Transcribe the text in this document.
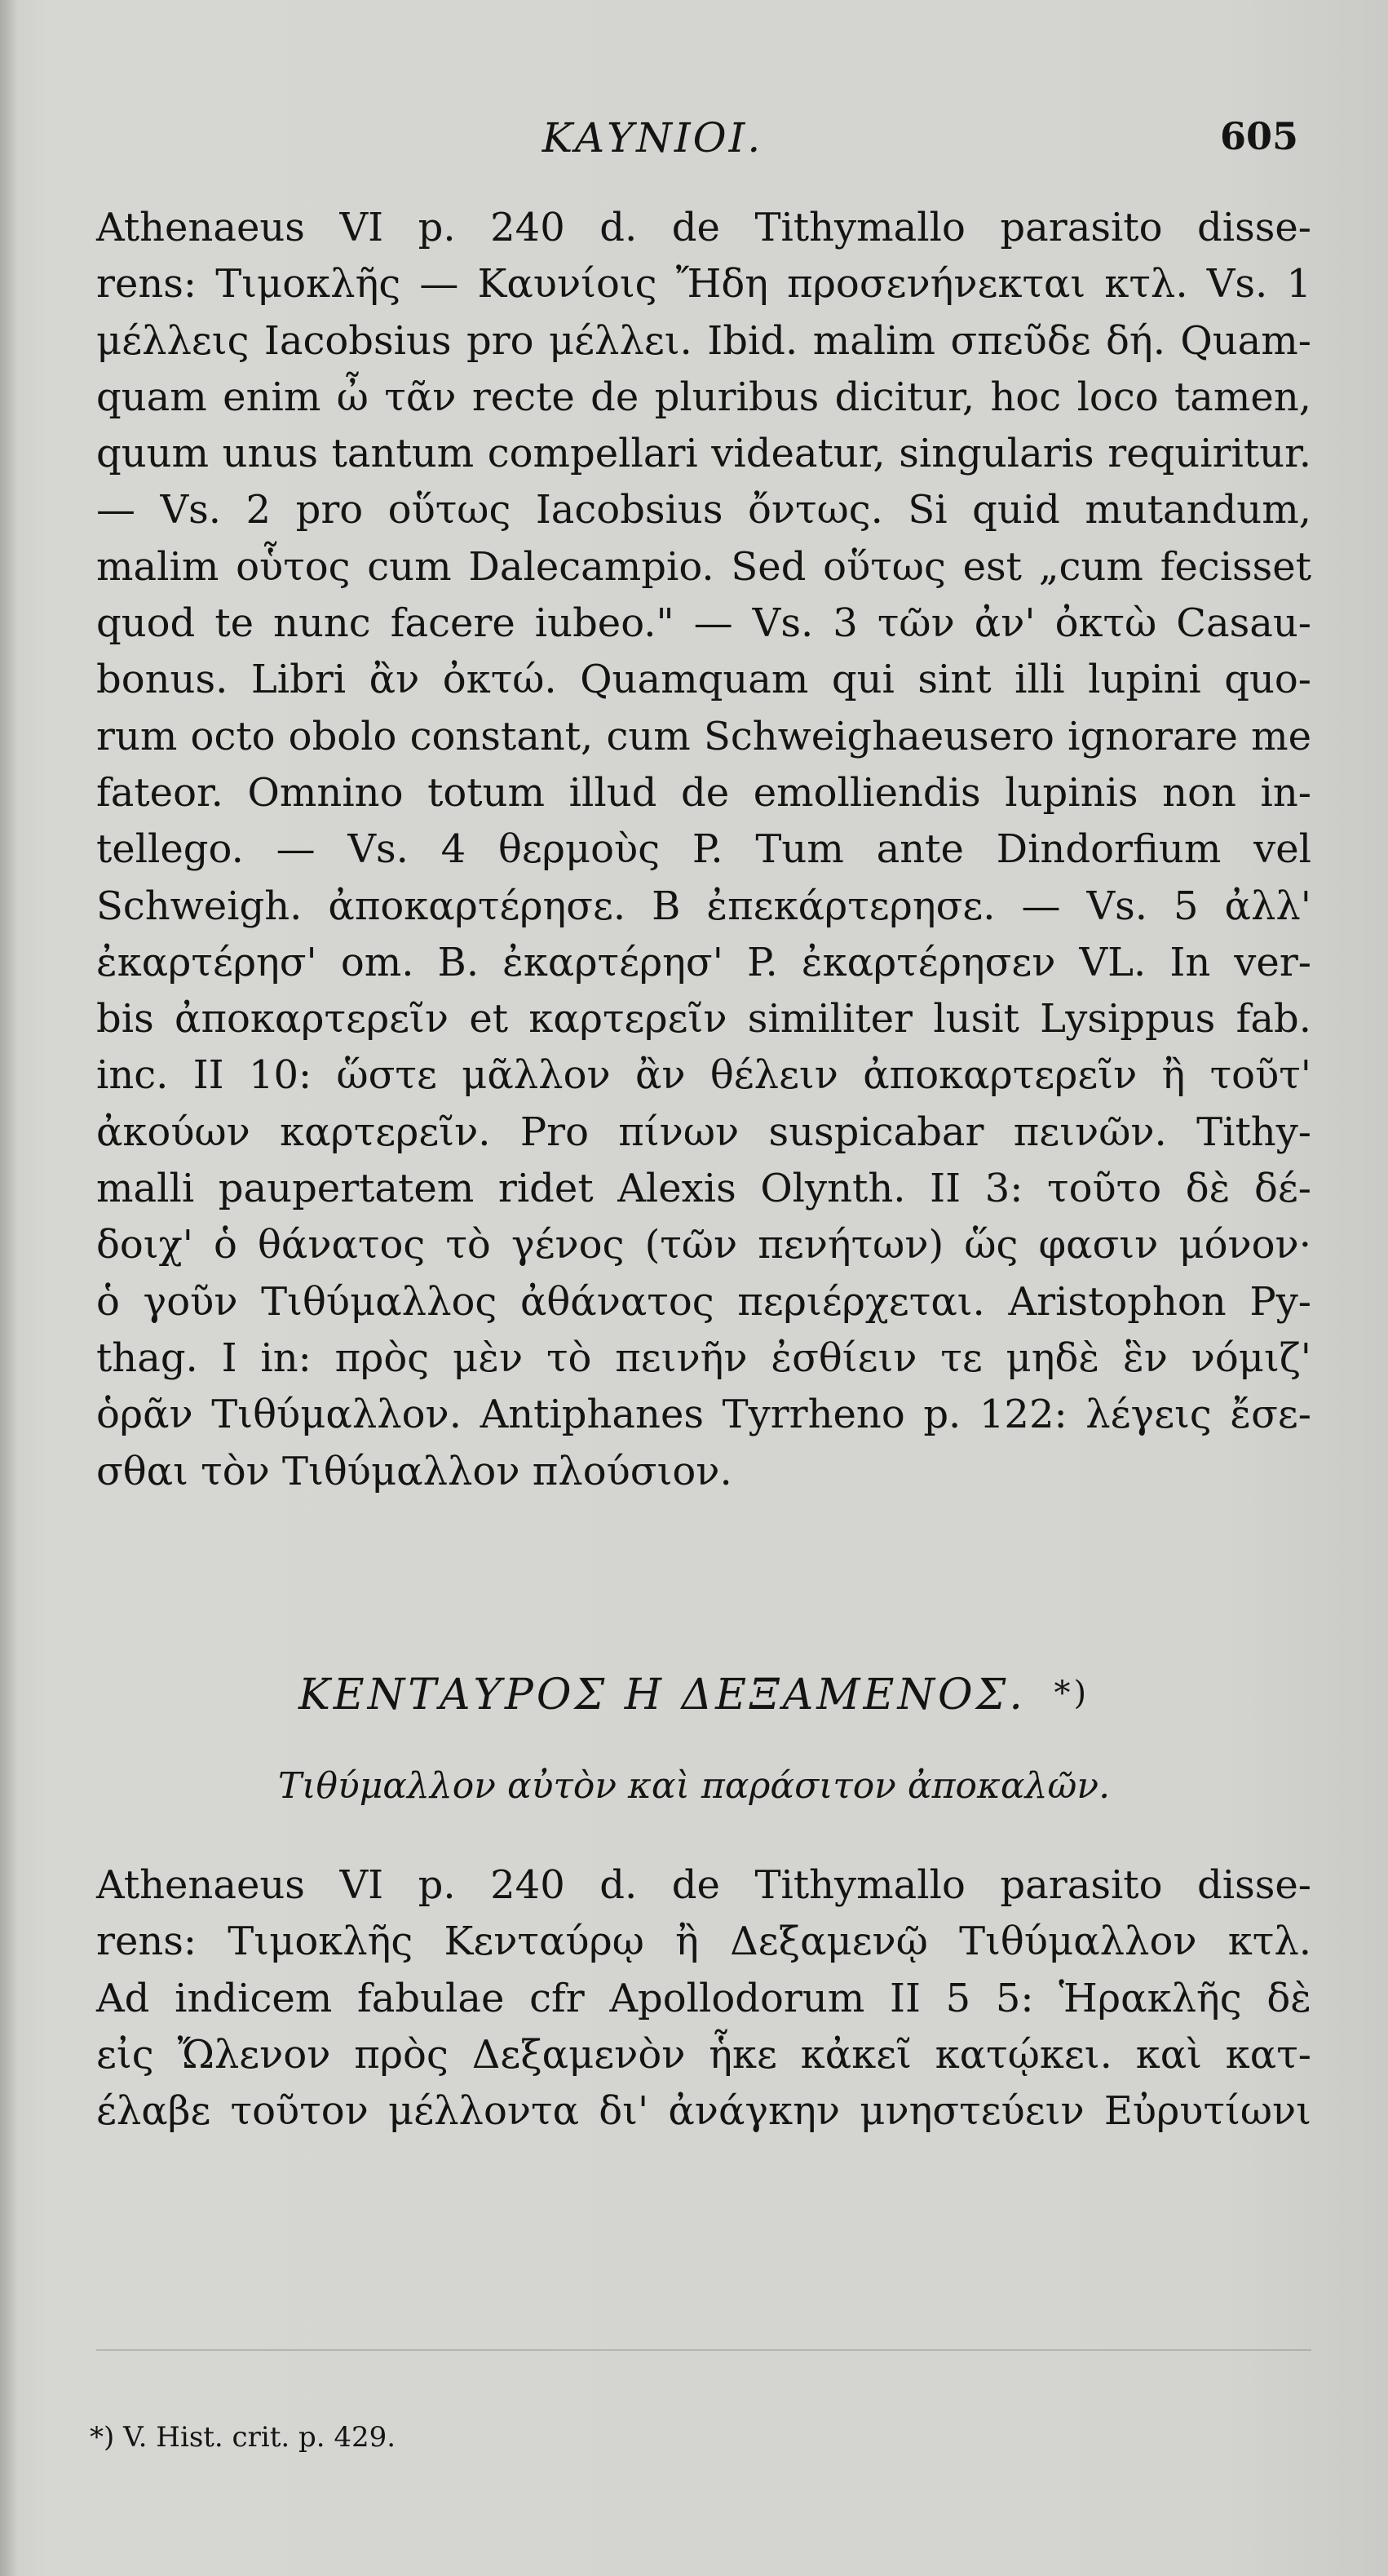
ΚΑΥΝΙΟΙ.	605
Athenaeus VI p. 240 d. de Tithymallo parasito disse-
rens: Τιμοκλῆς — Καυνίοις Ἤδη προσενήνεκται κτλ. Vs. 1
μέλλεις Iacobsius pro μέλλει. Ibid. malim σπεῦδε δή. Quam-
quam enim ὦ τᾶν recte de pluribus dicitur, hoc loco tamen,
quum unus tantum compellari videatur, singularis requiritur.
— Vs. 2 pro οὕτως Iacobsius ὄντως. Si quid mutandum,
malim οὗτος cum Dalecampio. Sed οὕτως est „cum fecisset
quod te nunc facere iubeo." — Vs. 3 τῶν ἀν' ὀκτὼ Casau-
bonus. Libri ἂν ὀκτώ. Quamquam qui sint illi lupini quo-
rum octo obolo constant, cum Schweighaeusero ignorare me
fateor. Omnino totum illud de emolliendis lupinis non in-
tellego. — Vs. 4 θερμοὺς P. Tum ante Dindorfium vel
Schweigh. ἀποκαρτέρησε. B ἐπεκάρτερησε. — Vs. 5 ἀλλ'
ἐκαρτέρησ' om. B. ἐκαρτέρησ' P. ἐκαρτέρησεν VL. In ver-
bis ἀποκαρτερεῖν et καρτερεῖν similiter lusit Lysippus fab.
inc. II 10: ὥστε μᾶλλον ἂν θέλειν ἀποκαρτερεῖν ἢ τοῦτ'
ἀκούων καρτερεῖν. Pro πίνων suspicabar πεινῶν. Tithy-
malli paupertatem ridet Alexis Olynth. II 3: τοῦτο δὲ δέ-
δοιχ' ὁ θάνατος τὸ γένος (τῶν πενήτων) ὥς φασιν μόνον·
ὁ γοῦν Τιθύμαλλος ἀθάνατος περιέρχεται. Aristophon Py-
thag. I in: πρὸς μὲν τὸ πεινῆν ἐσθίειν τε μηδὲ ἓν νόμιζ'
ὁρᾶν Τιθύμαλλον. Antiphanes Tyrrheno p. 122: λέγεις ἔσε-
σθαι τὸν Τιθύμαλλον πλούσιον.
ΚΕΝΤΑΥΡΟΣ Η ΔΕΞΑΜΕΝΟΣ. *)
Τιθύμαλλον αὐτὸν καὶ παράσιτον ἀποκαλῶν.
Athenaeus VI p. 240 d. de Tithymallo parasito disse-
rens: Τιμοκλῆς Κενταύρῳ ἢ Δεξαμενῷ Τιθύμαλλον κτλ.
Ad indicem fabulae cfr Apollodorum II 5 5: Ἡρακλῆς δὲ
εἰς Ὤλενον πρὸς Δεξαμενὸν ἧκε κἀκεῖ κατῴκει. καὶ κατ-
έλαβε τοῦτον μέλλοντα δι' ἀνάγκην μνηστεύειν Εὐρυτίωνι
*) V. Hist. crit. p. 429.
